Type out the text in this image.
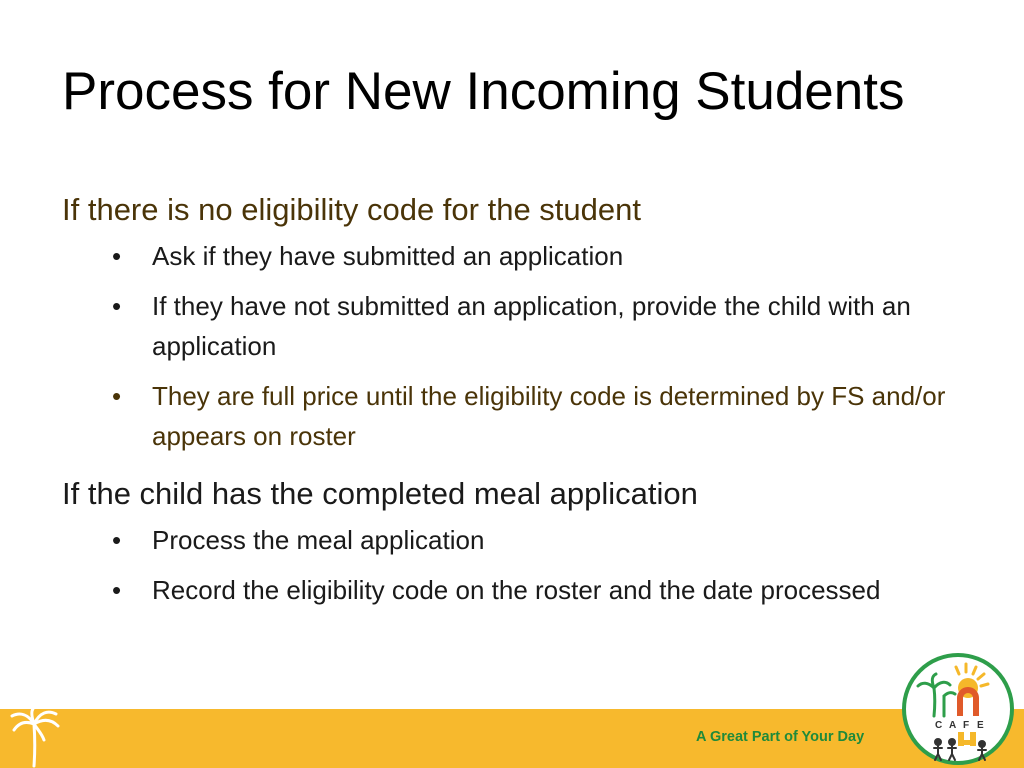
Process for New Incoming Students
If there is no eligibility code for the student
• Ask if they have submitted an application
• If they have not submitted an application, provide the child with an application
• They are full price until the eligibility code is determined by FS and/or appears on roster
If the child has the completed meal application
• Process the meal application
• Record the eligibility code on the roster and the date processed
A Great Part of Your Day
C A F E
